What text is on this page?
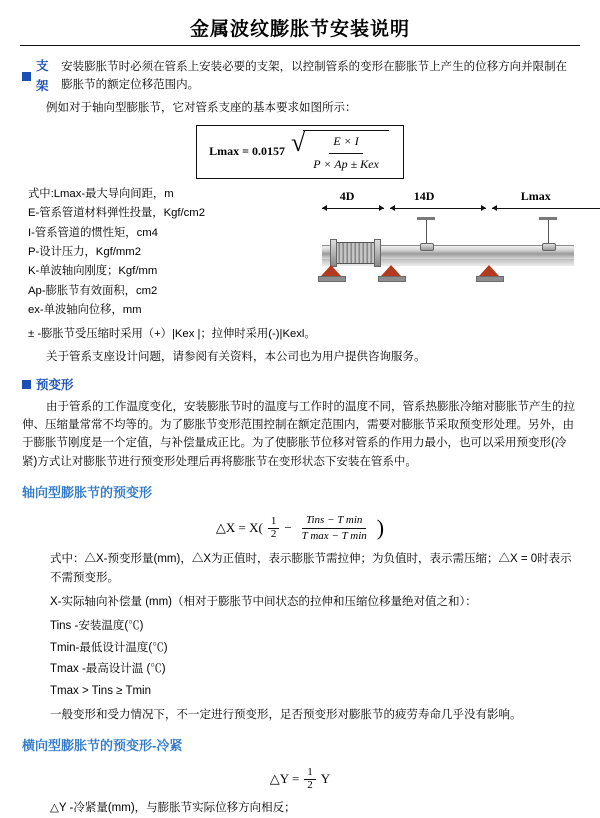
金属波纹膨胀节安装说明
支架
安装膨胀节时必须在管系上安装必要的支架，以控制管系的变形在膨胀节上产生的位移方向并限制在膨胀节的额定位移范围内。

例如对于轴向型膨胀节，它对管系支座的基本要求如图所示：

Lmax = 0.0157 √
$\frac{E \times I}{\text{P × Ap ± Kex}}$
式中:Lmax-最大导向间距，m
E-管系管道材料弹性投量，Kgf/cm2
I-管系管道的惯性矩，cm4
P-设计压力，Kgf/mm2
K-单波轴向刚度；Kgf/mm
Ap-膨胀节有效面积，cm2
ex-单波轴向位移，mm
± -膨胀节受压缩时采用（+）|Kex |；拉伸时采用(-)|Kexl。
4D	14D	Lmax

关于管系支座设计问题，请参阅有关资料，本公司也为用户提供咨询服务。

预变形

由于管系的工作温度变化，安装膨胀节时的温度与工作时的温度不同，管系热膨胀冷缩对膨胀节产生的拉伸、压缩量常常不均等的。为了膨胀节变形范围控制在额定范围内，需要对膨胀节采取预变形处理。另外，由于膨胀节刚度是一个定值，与补偿量成正比。为了使膨胀节位移对管系的作用力最小，也可以采用预变形(冷紧)方式让对膨胀节进行预变形处理后再将膨胀节在变形状态下安装在管系中。

轴向型膨胀节的预变形
△X = $X( \frac{1}{2}$ −	Tins − T min
T max − T min )

式中：△X-预变形量(mm)，△X为正值时，表示膨胀节需拉伸；为负值时，表示需压缩；△X = 0时表示不需预变形。

X-实际轴向补偿量 (mm)（相对于膨胀节中间状态的拉伸和压缩位移量绝对值之和）：

Tins -安装温度(℃)

Tmin-最低设计温度(℃)

Tmax -最高设计温 (℃)

Tmax > Tins ≥ Tmin

一般变形和受力情况下，不一定进行预变形，足否预变形对膨胀节的疲劳寿命几乎没有影响。

横向型膨胀节的预变形-冷紧
△Y = $\frac{1}{2}$ Y

△Y -冷紧量(mm)，与膨胀节实际位移方向相反；
